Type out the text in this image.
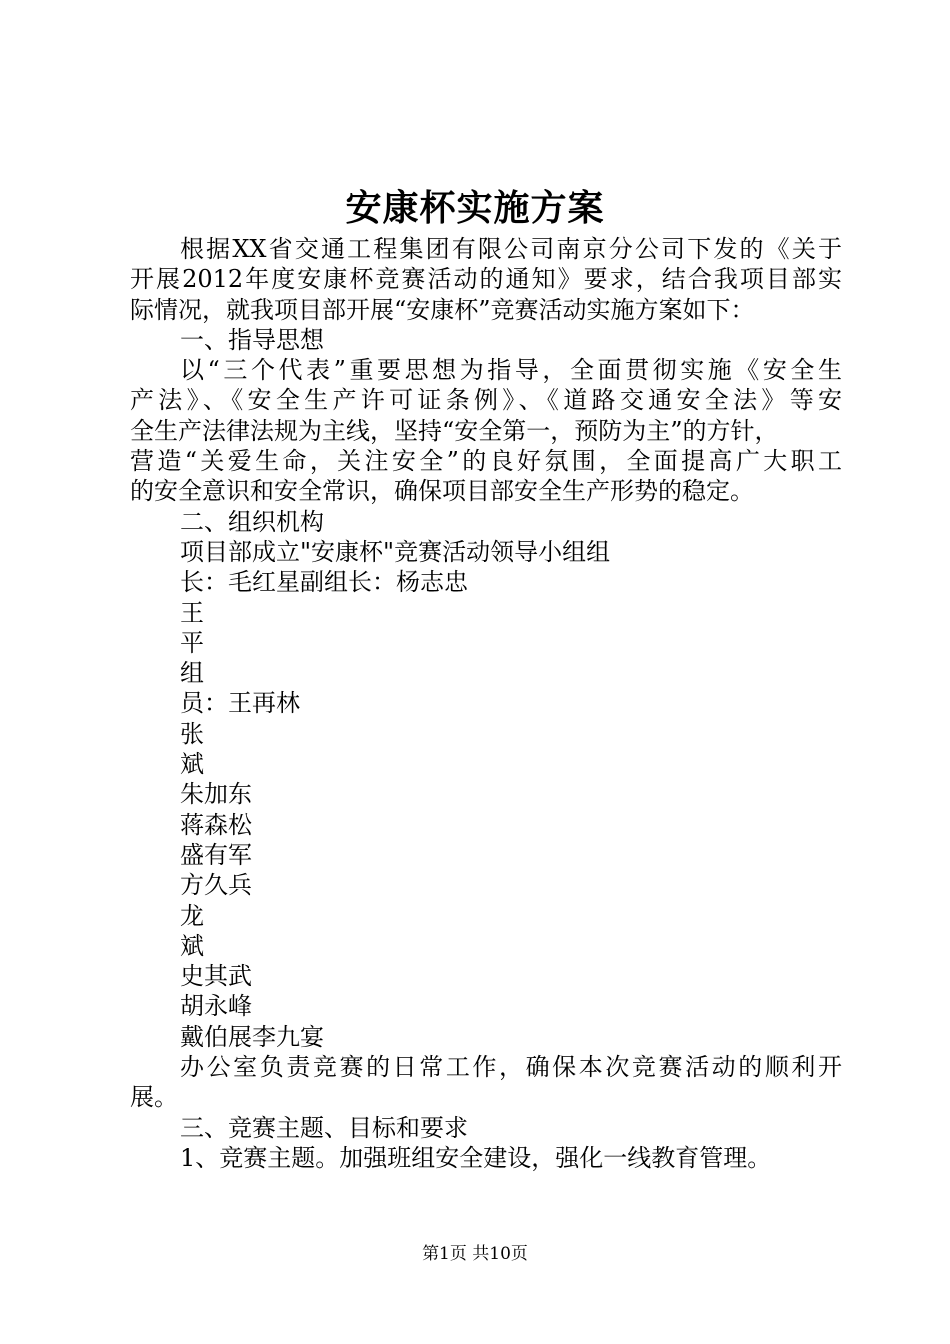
安康杯实施方案
根据XX省交通工程集团有限公司南京分公司下发的《关于
开展2012年度安康杯竞赛活动的通知》要求，结合我项目部实
际情况，就我项目部开展“安康杯”竞赛活动实施方案如下：
一、指导思想
以“三个代表”重要思想为指导，全面贯彻实施《安全生
产法》、《安全生产许可证条例》、《道路交通安全法》等安
全生产法律法规为主线，坚持“安全第一，预防为主”的方针，
营造“关爱生命，关注安全”的良好氛围，全面提高广大职工
的安全意识和安全常识，确保项目部安全生产形势的稳定。
二、组织机构
项目部成立"安康杯"竞赛活动领导小组组
长：毛红星副组长：杨志忠
王
平
组
员：王再林
张
斌
朱加东
蒋森松
盛有军
方久兵
龙
斌
史其武
胡永峰
戴伯展李九宴
办公室负责竞赛的日常工作，确保本次竞赛活动的顺利开
展。
三、竞赛主题、目标和要求
1、竞赛主题。加强班组安全建设，强化一线教育管理。
第1页 共10页
